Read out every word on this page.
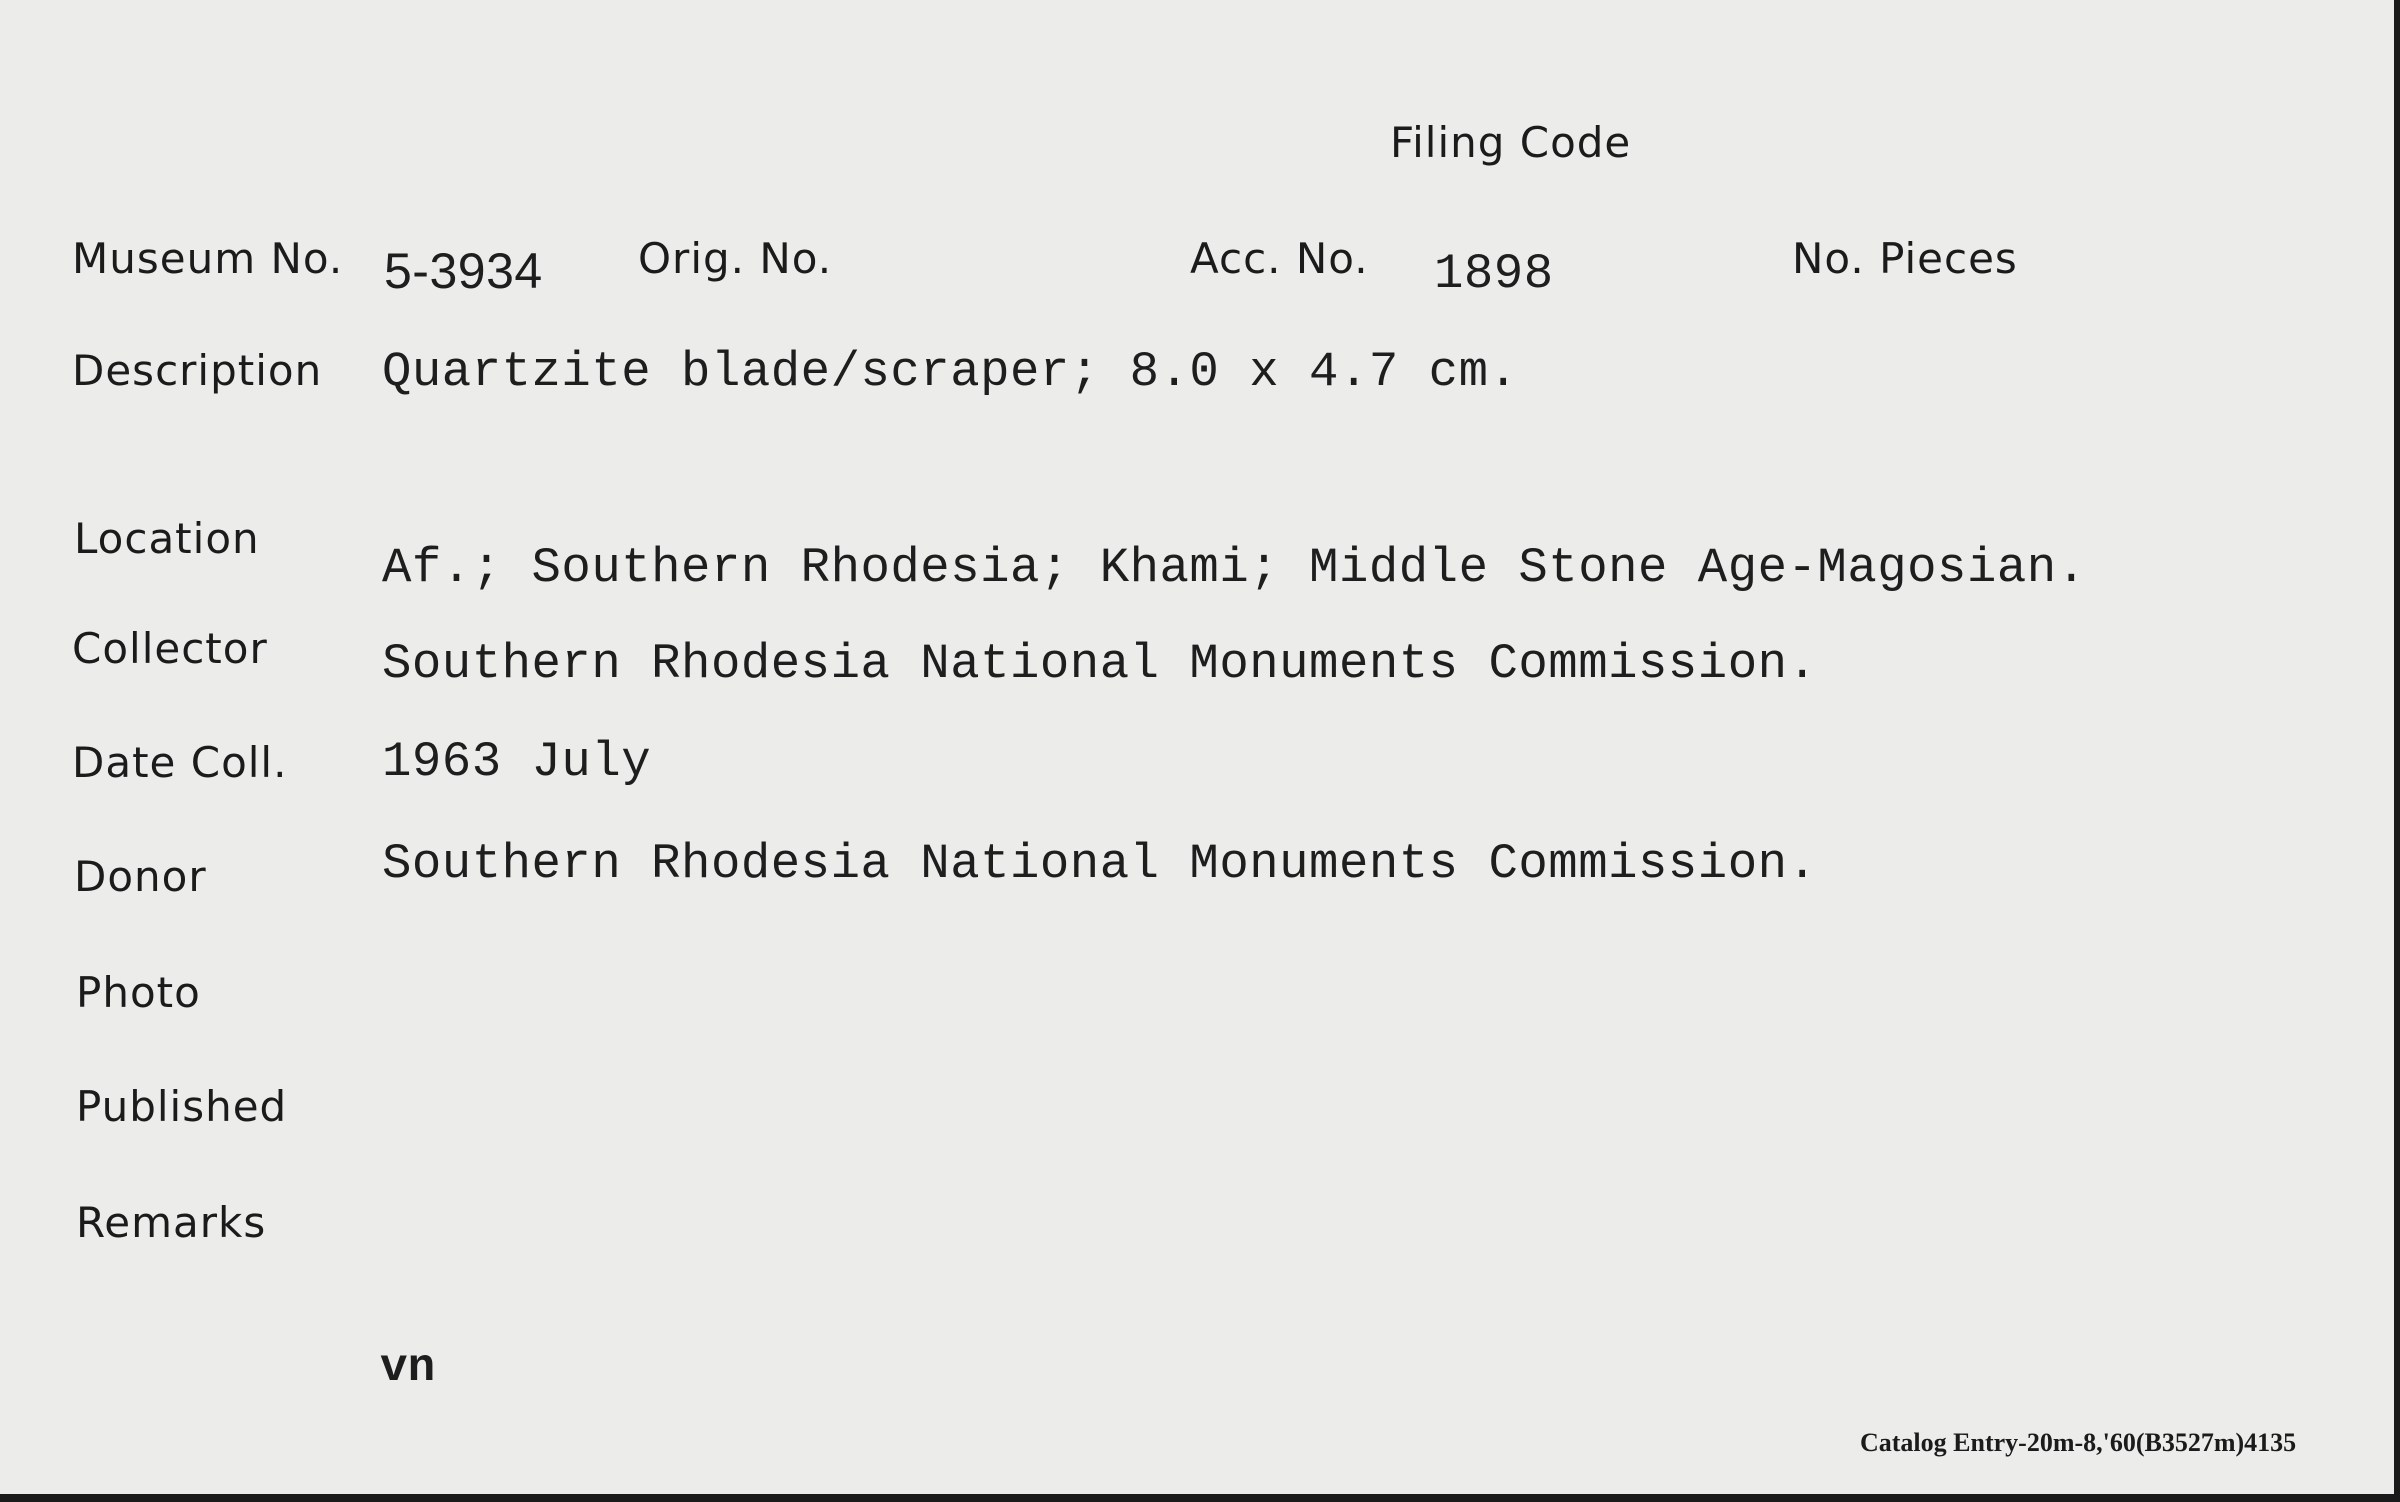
Filing Code
Museum No. 5-3934 Orig. No.	Acc. No. 1898	No. Pieces
Description Quartzite blade/scraper; 8.0 x 4.7 cm.
Location
Af.; Southern Rhodesia; Khami; Middle Stone Age-Magosian.
Collector Southern Rhodesia National Monuments Commission.
Date Coll. 1963 July
Donor	Southern Rhodesia National Monuments Commission.
Photo
Published
Remarks
vn
Catalog Entry-20m-8,'60(B3527m)4135
